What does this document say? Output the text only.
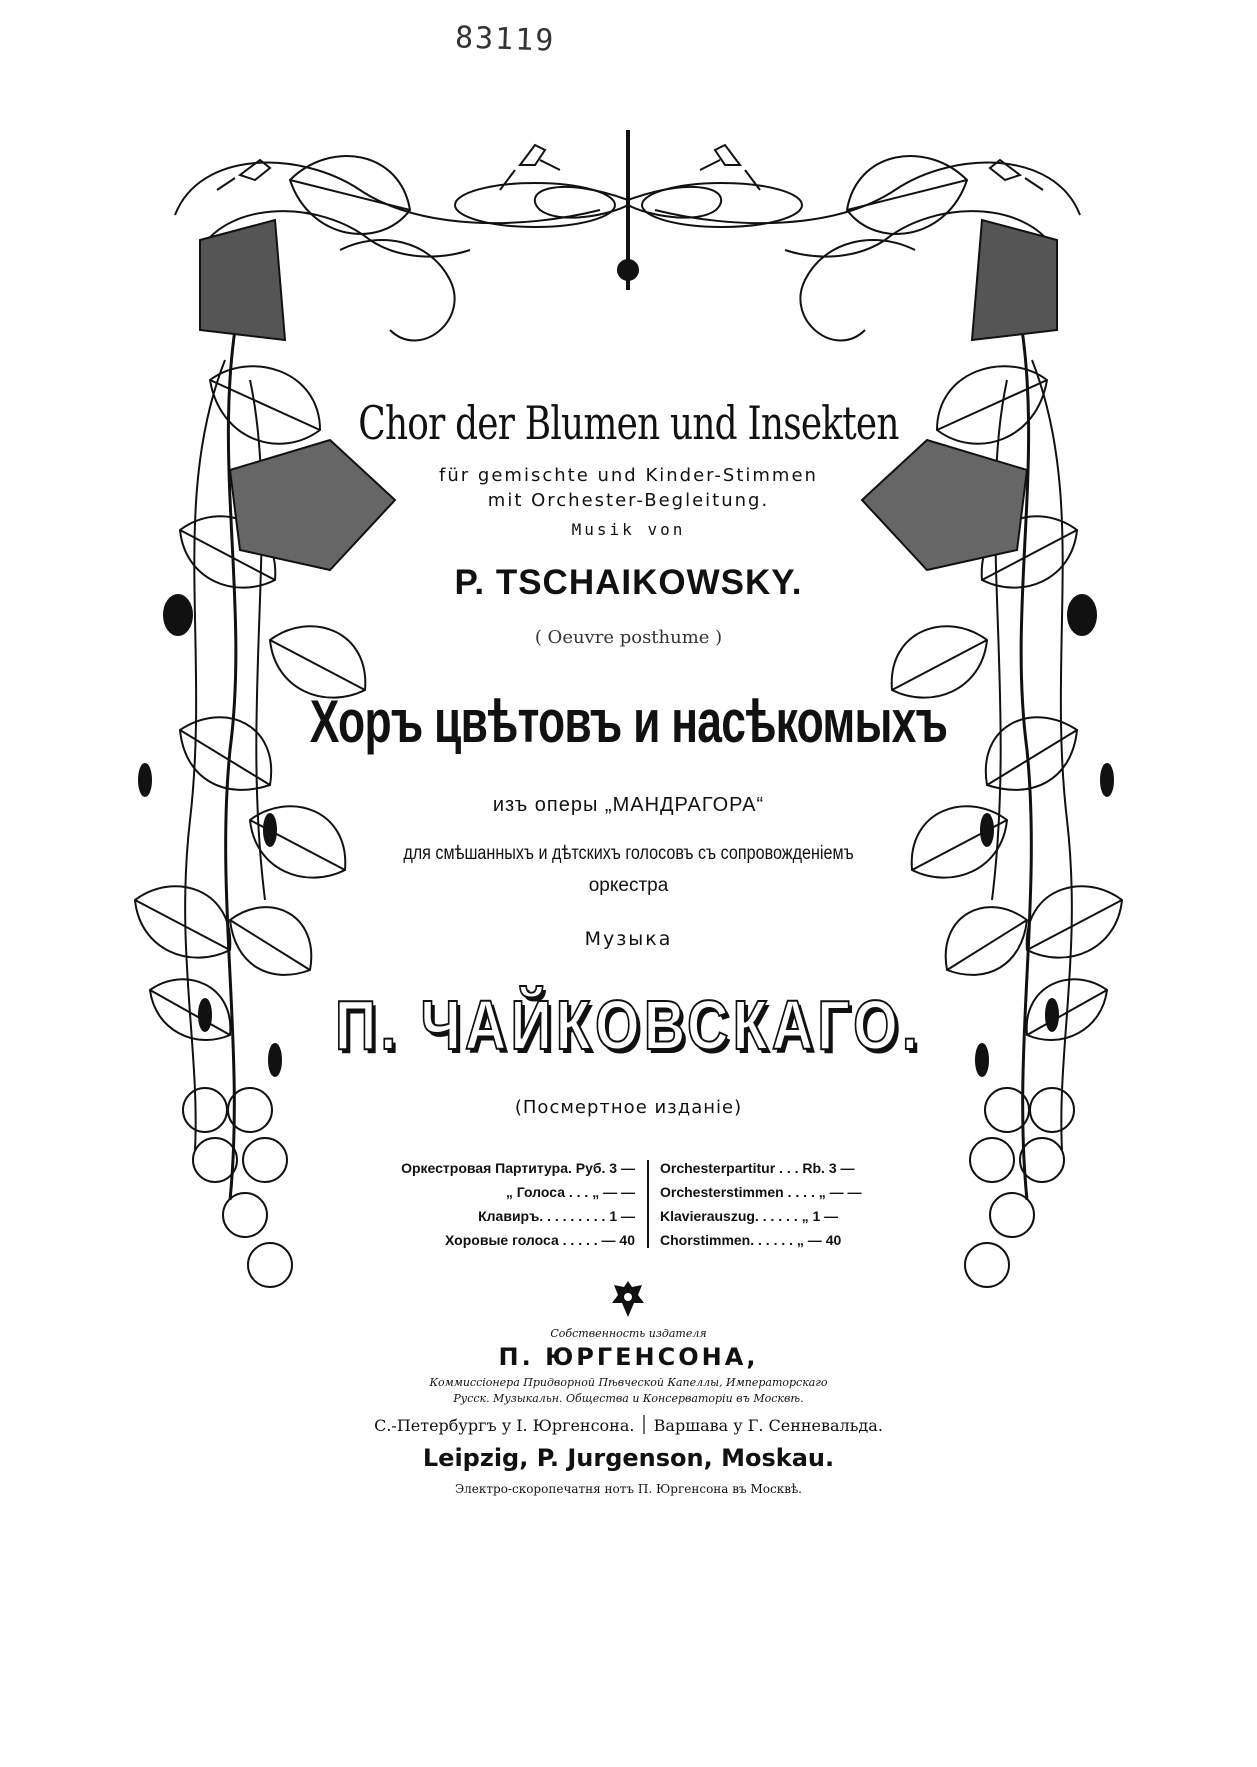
83119
Chor der Blumen und Insekten
für gemischte und Kinder-Stimmen
mit Orchester-Begleitung.
Musik von
P. TSCHAIKOWSKY.
( Oeuvre posthume )
Хоръ цвѣтовъ и насѣкомыхъ
изъ оперы „МАНДРАГОРА“
для смѣшанныхъ и дѣтскихъ голосовъ съ сопровожденіемъ
оркестра
Музыка
П. ЧАЙКОВСКАГО.
(Посмертное изданіе)
Оркестровая Партитура. Руб. 3 —
„ Голоса . . . „ — —
Клавиръ. . . . . . . . . 1 —
Хоровые голоса . . . . . — 40
Orchesterpartitur . . . Rb. 3 —
Orchesterstimmen . . . . „ — —
Klavierauszug. . . . . . „ 1 —
Chorstimmen. . . . . . „ — 40
Собственность издателя
П. ЮРГЕНСОНА,
Коммиссіонера Придворной Пѣвческой Капеллы, Императорскаго
Русск. Музыкальн. Общества и Консерваторіи въ Москвѣ.
С.-Петербургъ у І. Юргенсона. ׀ Варшава у Г. Сенневальда.
Leipzig, P. Jurgenson, Moskau.
Электро-скоропечатня нотъ П. Юргенсона въ Москвѣ.
